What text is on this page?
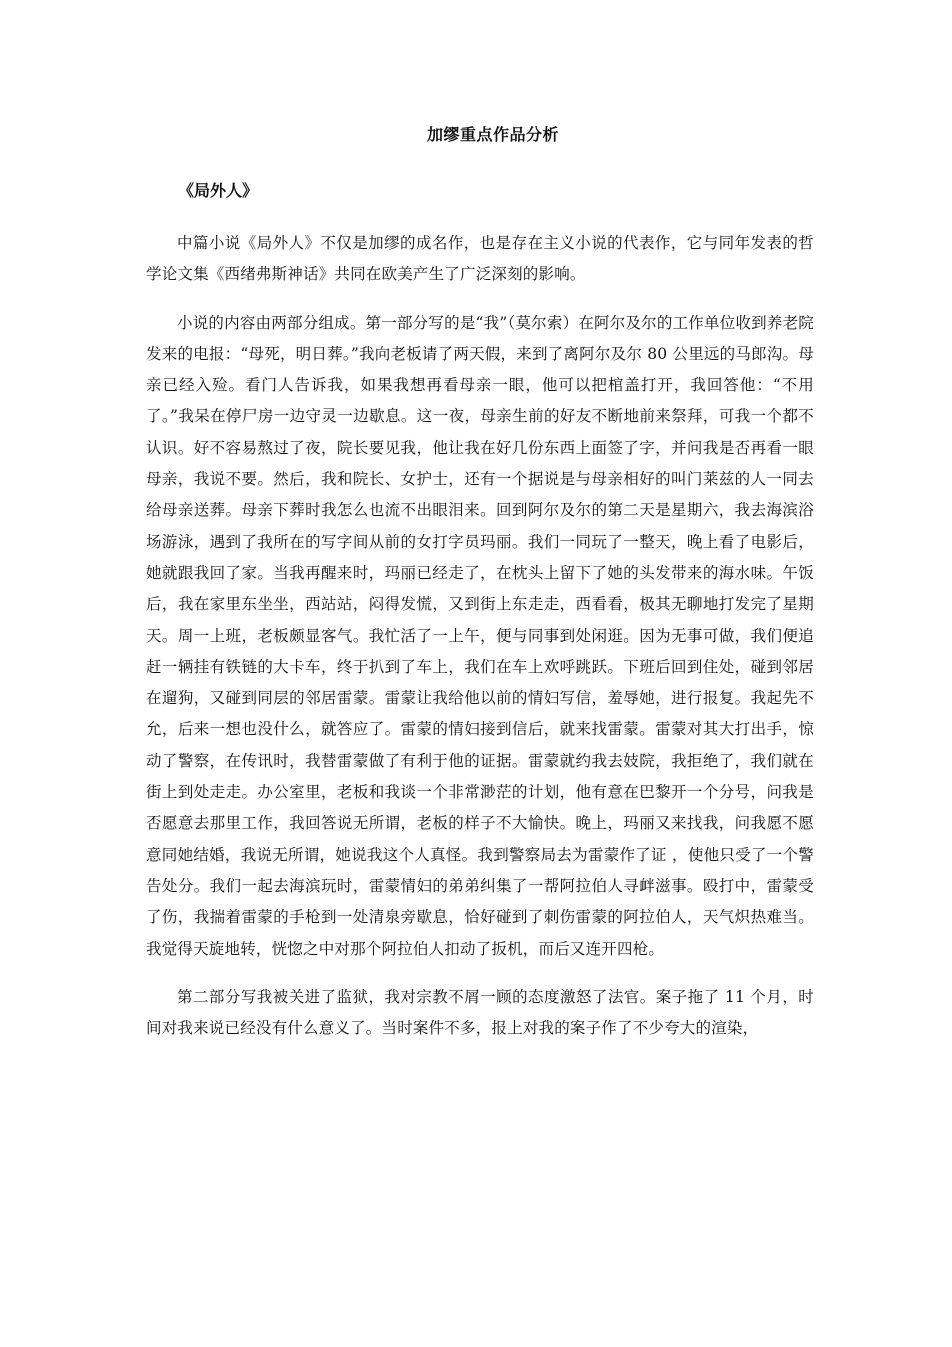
加缪重点作品分析
《局外人》

中篇小说《局外人》不仅是加缪的成名作，也是存在主义小说的代表作，它与同年发表的哲学论文集《西绪弗斯神话》共同在欧美产生了广泛深刻的影响。

小说的内容由两部分组成。第一部分写的是“我”（莫尔索）在阿尔及尔的工作单位收到养老院发来的电报：“母死，明日葬。”我向老板请了两天假，来到了离阿尔及尔 80 公里远的马郎沟。母亲已经入殓。看门人告诉我，如果我想再看母亲一眼，他可以把棺盖打开，我回答他：“不用了。”我呆在停尸房一边守灵一边歇息。这一夜，母亲生前的好友不断地前来祭拜，可我一个都不认识。好不容易熬过了夜，院长要见我，他让我在好几份东西上面签了字，并问我是否再看一眼母亲，我说不要。然后，我和院长、女护士，还有一个据说是与母亲相好的叫门莱兹的人一同去给母亲送葬。母亲下葬时我怎么也流不出眼泪来。回到阿尔及尔的第二天是星期六，我去海滨浴场游泳，遇到了我所在的写字间从前的女打字员玛丽。我们一同玩了一整天，晚上看了电影后，她就跟我回了家。当我再醒来时，玛丽已经走了，在枕头上留下了她的头发带来的海水味。午饭后，我在家里东坐坐，西站站，闷得发慌，又到街上东走走，西看看，极其无聊地打发完了星期天。周一上班，老板颇显客气。我忙活了一上午，便与同事到处闲逛。因为无事可做，我们便追赶一辆挂有铁链的大卡车，终于扒到了车上，我们在车上欢呼跳跃。下班后回到住处，碰到邻居在遛狗，又碰到同层的邻居雷蒙。雷蒙让我给他以前的情妇写信，羞辱她，进行报复。我起先不允，后来一想也没什么，就答应了。雷蒙的情妇接到信后，就来找雷蒙。雷蒙对其大打出手，惊动了警察，在传讯时，我替雷蒙做了有利于他的证据。雷蒙就约我去妓院，我拒绝了，我们就在街上到处走走。办公室里，老板和我谈一个非常渺茫的计划，他有意在巴黎开一个分号，问我是否愿意去那里工作，我回答说无所谓，老板的样子不大愉快。晚上，玛丽又来找我，问我愿不愿意同她结婚，我说无所谓，她说我这个人真怪。我到警察局去为雷蒙作了证 ，使他只受了一个警告处分。我们一起去海滨玩时，雷蒙情妇的弟弟纠集了一帮阿拉伯人寻衅滋事。殴打中，雷蒙受了伤，我揣着雷蒙的手枪到一处清泉旁歇息，恰好碰到了刺伤雷蒙的阿拉伯人，天气炽热难当。我觉得天旋地转，恍惚之中对那个阿拉伯人扣动了扳机，而后又连开四枪。

第二部分写我被关进了监狱，我对宗教不屑一顾的态度激怒了法官。案子拖了 11 个月，时间对我来说已经没有什么意义了。当时案件不多，报上对我的案子作了不少夸大的渲染，
